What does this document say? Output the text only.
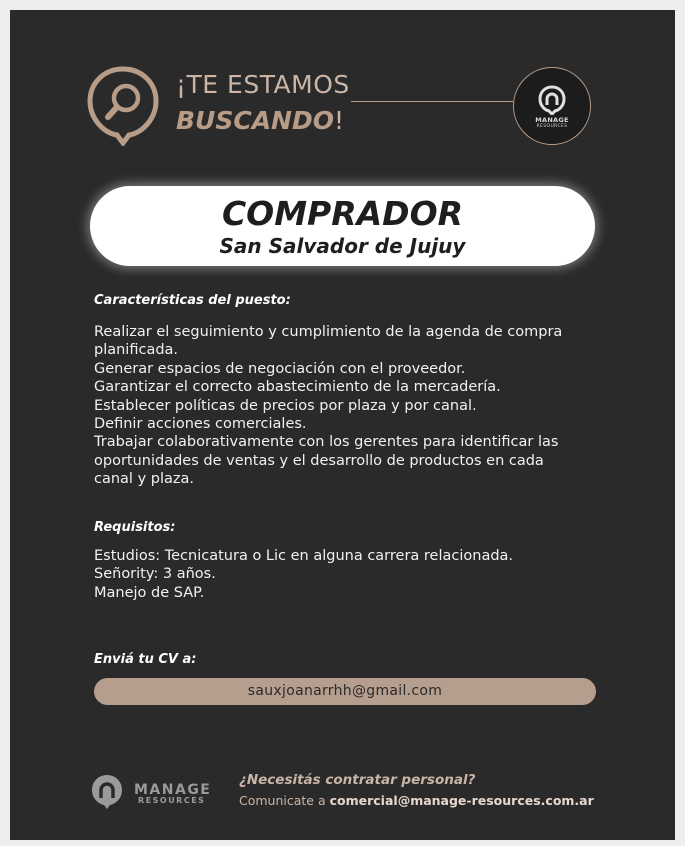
¡TE ESTAMOS
BUSCANDO!	MANAGE
RESOURCES
COMPRADOR
San Salvador de Jujuy
Características del puesto:
Realizar el seguimiento y cumplimiento de la agenda de compra
planificada.
Generar espacios de negociación con el proveedor.
Garantizar el correcto abastecimiento de la mercadería.
Establecer políticas de precios por plaza y por canal.
Definir acciones comerciales.
Trabajar colaborativamente con los gerentes para identificar las
oportunidades de ventas y el desarrollo de productos en cada
canal y plaza.
Requisitos:
Estudios: Tecnicatura o Lic en alguna carrera relacionada.
Señority: 3 años.
Manejo de SAP.
Enviá tu CV a:
sauxjoanarrhh@gmail.com
MANAGE
RESOURCES
¿Necesitás contratar personal?
Comunicate a comercial@manage-resources.com.ar
